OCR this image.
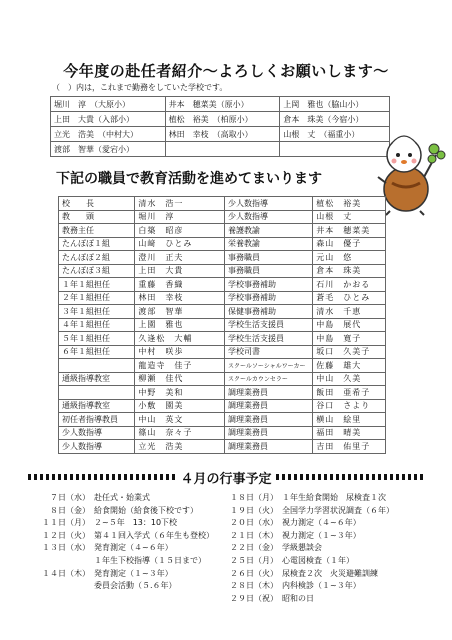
今年度の赴任者紹介～よろしくお願いします～
（　）内は，これまで勤務をしていた学校です。
堀川　淳　（大原小）	井本　穂菜美（原小）	上岡　雅也（脇山小）
上田　大貴（入部小）	植松　裕美　（柏原小）	倉本　珠美（今宿小）
立光　浩美　（中村大）	林田　幸枝　（高取小）	山根　丈　（福重小）
渡部　智華（愛宕小）		
下記の職員で教育活動を進めてまいります
校　　長	清水　浩一	少人数指導	植松　裕美
教　　頭	堀川　淳	少人数指導	山根　丈
教務主任	白築　昭彦	養護教諭	井本　穂菜美
たんぽぽ１組	山﨑　ひとみ	栄養教諭	森山　優子
たんぽぽ２組	澄川　正夫	事務職員	元山　悠
たんぽぽ３組	上田　大貴	事務職員	倉本　珠美
１年１組担任	重藤　香織	学校事務補助	石川　かおる
２年１組担任	林田　幸枝	学校事務補助	蒼毛　ひとみ
３年１組担任	渡部　智華	保健事務補助	清水　千恵
４年１組担任	上園　雅也	学校生活支援員	中島　展代
５年１組担任	久逢松　大輔	学校生活支援員	中島　寛子
６年１組担任	中村　咲歩	学校司書	坂口　久美子
	龍造寺　佳子	スクールソーシャルワーカー	佐藤　雄大
通級指導教室	柳瀬　佳代	スクールカウンセラー	中山　久美
	中野　美和	調理業務員	飯田　亜希子
通級指導教室	小敷　園美	調理業務員	谷口　さより
初任者指導教員	中山　英文	調理業務員	横山　絵里
少人数指導	篠山　奈々子	調理業務員	福田　晴美
少人数指導	立光　浩美	調理業務員	吉田　佑里子
４月の行事予定
７日（水） 赴任式・始業式
８日（金） 給食開始（給食後下校です）
１１日（月） ２~５年　13：10下校
１２日（火） 第４１回入学式（６年生も登校）
１３日（水） 発育測定（４~６年）
１年生下校指導（１５日まで）
１４日（木） 発育測定（１~３年）
委員会活動（５.６年）
１８日（月） １年生給食開始　尿検査１次
１９日（火） 全国学力学習状況調査（６年）
２０日（水） 視力測定（４~６年）
２１日（木） 視力測定（１~３年）
２２日（金） 学級懇談会
２５日（月） 心電図検査（１年）
２６日（火） 尿検査２次　火災避難訓練
２８日（木） 内科検診（１~３年）
２９日（祝） 昭和の日
